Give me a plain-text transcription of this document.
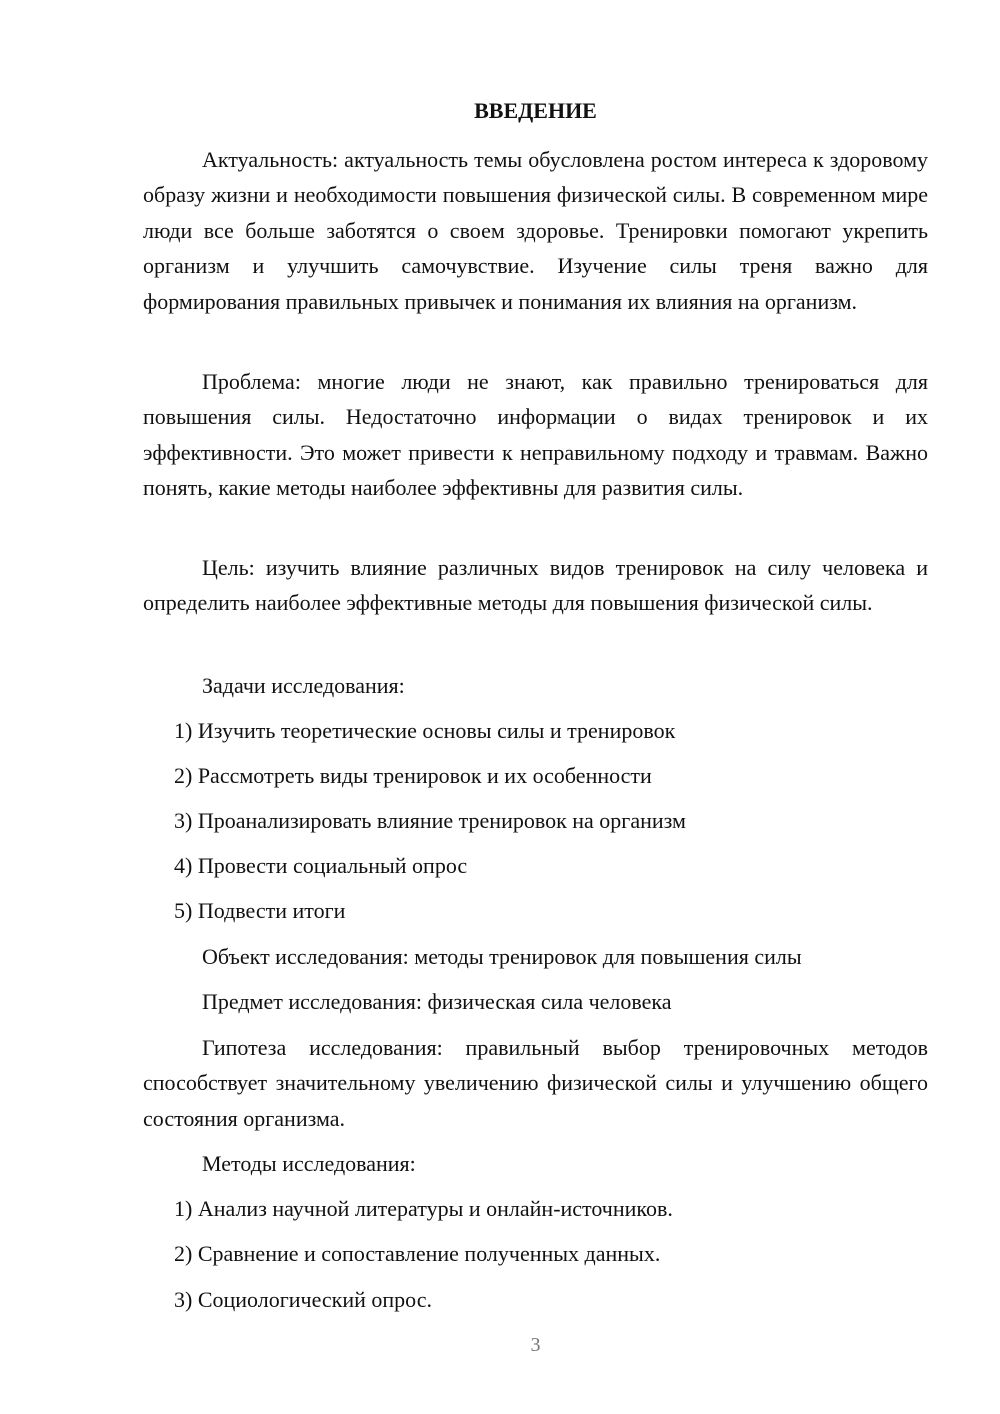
ВВЕДЕНИЕ

Актуальность: актуальность темы обусловлена ростом интереса к здоровому образу жизни и необходимости повышения физической силы. В современном мире люди все больше заботятся о своем здоровье. Тренировки помогают укрепить организм и улучшить самочувствие. Изучение силы треня важно для формирования правильных привычек и понимания их влияния на организм.

Проблема: многие люди не знают, как правильно тренироваться для повышения силы. Недостаточно информации о видах тренировок и их эффективности. Это может привести к неправильному подходу и травмам. Важно понять, какие методы наиболее эффективны для развития силы.

Цель: изучить влияние различных видов тренировок на силу человека и определить наиболее эффективные методы для повышения физической силы.

Задачи исследования:

1) Изучить теоретические основы силы и тренировок

2) Рассмотреть виды тренировок и их особенности

3) Проанализировать влияние тренировок на организм

4) Провести социальный опрос

5) Подвести итоги

Объект исследования: методы тренировок для повышения силы

Предмет исследования: физическая сила человека

Гипотеза исследования: правильный выбор тренировочных методов способствует значительному увеличению физической силы и улучшению общего состояния организма.

Методы исследования:

1) Анализ научной литературы и онлайн-источников.

2) Сравнение и сопоставление полученных данных.

3) Социологический опрос.

3
